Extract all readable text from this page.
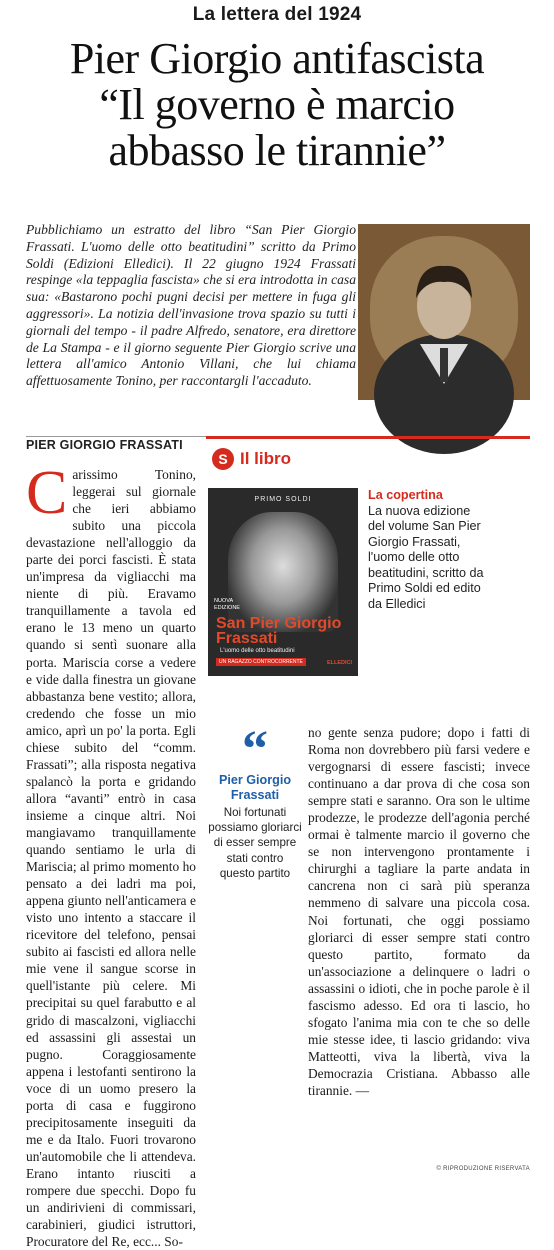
La lettera del 1924
Pier Giorgio antifascista
“Il governo è marcio
abbasso le tirannie”
Pubblichiamo un estratto del libro “San Pier Giorgio Frassati. L'uomo delle otto beatitudini” scritto da Primo Soldi (Edizioni Elledici). Il 22 giugno 1924 Frassati respinge «la teppaglia fascista» che si era introdotta in casa sua: «Bastarono pochi pugni decisi per mettere in fuga gli aggressori». La notizia dell'invasione trova spazio su tutti i giornali del tempo - il padre Alfredo, senatore, era direttore de La Stampa - e il giorno seguente Pier Giorgio scrive una lettera all'amico Antonio Villani, che lui chiama affettuosamente Tonino, per raccontargli l'accaduto.
PIER GIORGIO FRASSATI
Carissimo Tonino, leggerai sul giornale che ieri abbiamo subito una piccola devastazione nell'alloggio da parte dei porci fascisti. È stata un'impresa da vigliacchi ma niente di più. Eravamo tranquillamente a tavola ed erano le 13 meno un quarto quando si sentì suonare alla porta. Mariscia corse a vedere e vide dalla finestra un giovane abbastanza bene vestito; allora, credendo che fosse un mio amico, aprì un po' la porta. Egli chiese subito del “comm. Frassati”; alla risposta negativa spalancò la porta e gridando allora “avanti” entrò in casa insieme a cinque altri. Noi mangiavamo tranquillamente quando sentiamo le urla di Mariscia; al primo momento ho pensato a dei ladri ma poi, appena giunto nell'anticamera e visto uno intento a staccare il ricevitore del telefono, pensai subito ai fascisti ed allora nelle mie vene il sangue scorse in quell'istante più celere. Mi precipitai su quel farabutto e al grido di mascalzoni, vigliacchi ed assassini gli assestai un pugno. Coraggiosamente appena i lestofanti sentirono la voce di un uomo presero la porta di casa e fuggirono precipitosamente inseguiti da me e da Italo. Fuori trovarono un'automobile che li attendeva. Erano intanto riusciti a rompere due specchi. Dopo fu un andirivieni di commissari, carabinieri, giudici istruttori, Procuratore del Re, ecc... So-
S Il libro
PRIMO SOLDI
NUOVA EDIZIONE
San Pier Giorgio
Frassati
L'uomo delle otto beatitudini
UN RAGAZZO CONTROCORRENTE	ELLEDICI
La copertina
La nuova edizione del volume San Pier Giorgio Frassati, l'uomo delle otto beatitudini, scritto da Primo Soldi ed edito da Elledici
“
Pier Giorgio Frassati
Noi fortunati possiamo gloriarci di esser sempre stati contro questo partito
no gente senza pudore; dopo i fatti di Roma non dovrebbero più farsi vedere e vergognarsi di essere fascisti; invece continuano a dar prova di che cosa son sempre stati e saranno. Ora son le ultime prodezze, le prodezze dell'agonia perché ormai è talmente marcio il governo che se non intervengono prontamente i chirurghi a tagliare la parte andata in cancrena non ci sarà più speranza nemmeno di salvare una piccola cosa. Noi fortunati, che oggi possiamo gloriarci di esser sempre stati contro questo partito, formato da un'associazione a delinquere o ladri o assassini o idioti, che in poche parole è il fascismo adesso. Ed ora ti lascio, ho sfogato l'anima mia con te che so delle mie stesse idee, ti lascio gridando: viva Matteotti, viva la libertà, viva la Democrazia Cristiana. Abbasso alle tirannie. —
© RIPRODUZIONE RISERVATA
